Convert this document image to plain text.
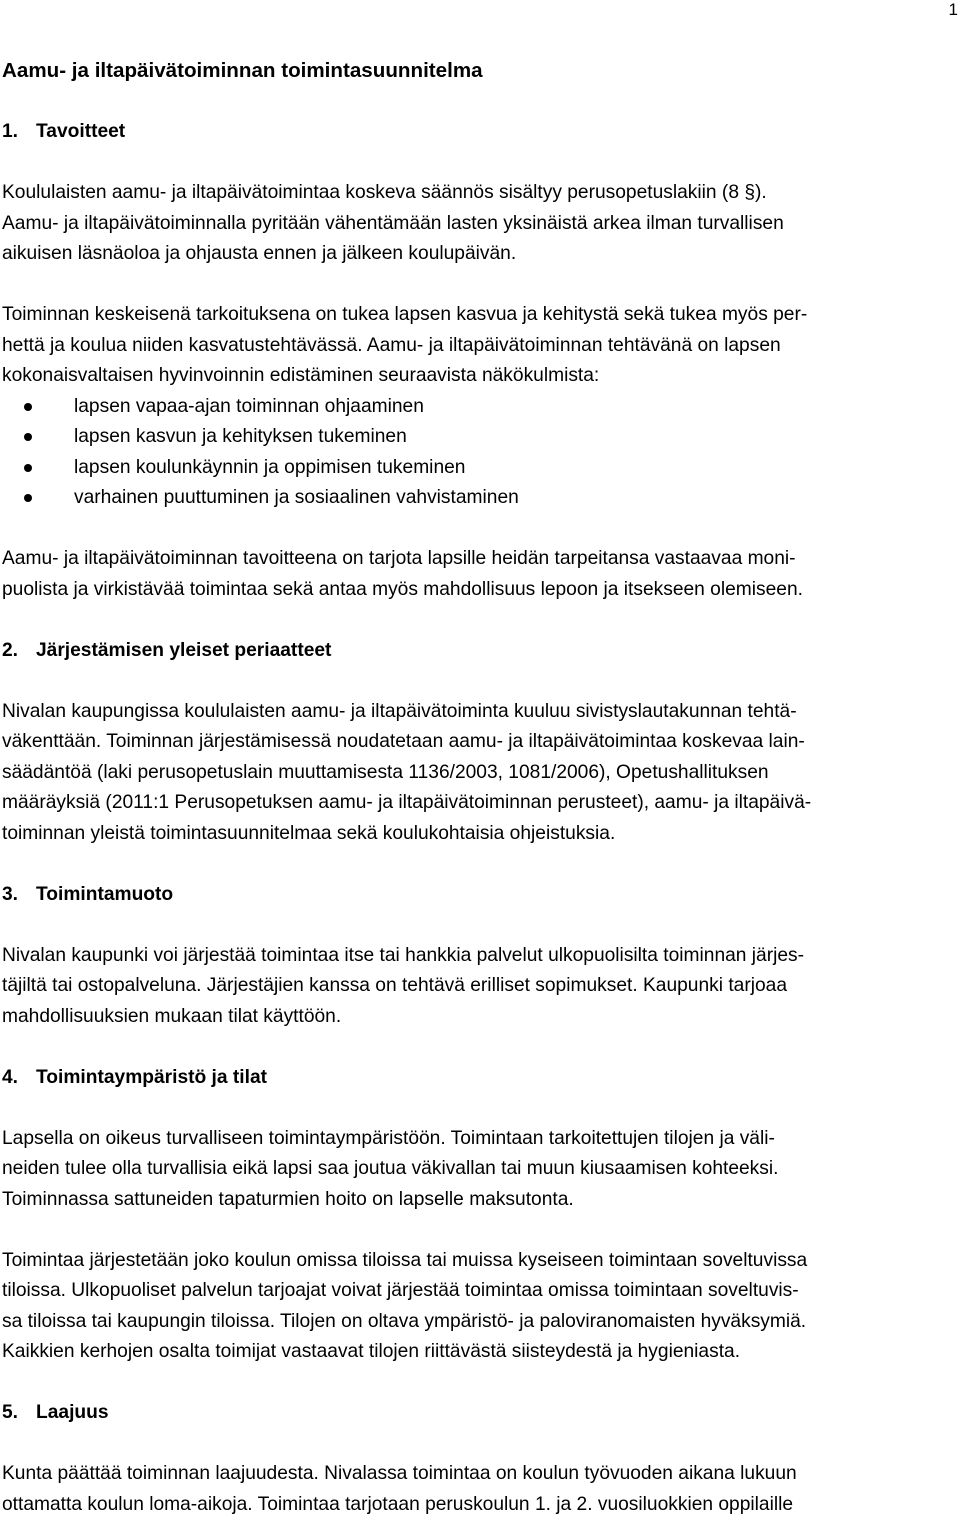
1
Aamu- ja iltapäivätoiminnan toimintasuunnitelma
1. Tavoitteet
Koululaisten aamu- ja iltapäivätoimintaa koskeva säännös sisältyy perusopetuslakiin (8 §).
Aamu- ja iltapäivätoiminnalla pyritään vähentämään lasten yksinäistä arkea ilman turvallisen
aikuisen läsnäoloa ja ohjausta ennen ja jälkeen koulupäivän.
Toiminnan keskeisenä tarkoituksena on tukea lapsen kasvua ja kehitystä sekä tukea myös per-
hettä ja koulua niiden kasvatustehtävässä. Aamu- ja iltapäivätoiminnan tehtävänä on lapsen
kokonaisvaltaisen hyvinvoinnin edistäminen seuraavista näkökulmista:
lapsen vapaa-ajan toiminnan ohjaaminen
lapsen kasvun ja kehityksen tukeminen
lapsen koulunkäynnin ja oppimisen tukeminen
varhainen puuttuminen ja sosiaalinen vahvistaminen
Aamu- ja iltapäivätoiminnan tavoitteena on tarjota lapsille heidän tarpeitansa vastaavaa moni-
puolista ja virkistävää toimintaa sekä antaa myös mahdollisuus lepoon ja itsekseen olemiseen.
2. Järjestämisen yleiset periaatteet
Nivalan kaupungissa koululaisten aamu- ja iltapäivätoiminta kuuluu sivistyslautakunnan tehtä-
väkenttään. Toiminnan järjestämisessä noudatetaan aamu- ja iltapäivätoimintaa koskevaa lain-
säädäntöä (laki perusopetuslain muuttamisesta 1136/2003, 1081/2006), Opetushallituksen
määräyksiä (2011:1 Perusopetuksen aamu- ja iltapäivätoiminnan perusteet), aamu- ja iltapäivä-
toiminnan yleistä toimintasuunnitelmaa sekä koulukohtaisia ohjeistuksia.
3. Toimintamuoto
Nivalan kaupunki voi järjestää toimintaa itse tai hankkia palvelut ulkopuolisilta toiminnan järjes-
täjiltä tai ostopalveluna. Järjestäjien kanssa on tehtävä erilliset sopimukset. Kaupunki tarjoaa
mahdollisuuksien mukaan tilat käyttöön.
4. Toimintaympäristö ja tilat
Lapsella on oikeus turvalliseen toimintaympäristöön. Toimintaan tarkoitettujen tilojen ja väli-
neiden tulee olla turvallisia eikä lapsi saa joutua väkivallan tai muun kiusaamisen kohteeksi.
Toiminnassa sattuneiden tapaturmien hoito on lapselle maksutonta.
Toimintaa järjestetään joko koulun omissa tiloissa tai muissa kyseiseen toimintaan soveltuvissa
tiloissa. Ulkopuoliset palvelun tarjoajat voivat järjestää toimintaa omissa toimintaan soveltuvis-
sa tiloissa tai kaupungin tiloissa. Tilojen on oltava ympäristö- ja paloviranomaisten hyväksymiä.
Kaikkien kerhojen osalta toimijat vastaavat tilojen riittävästä siisteydestä ja hygieniasta.
5. Laajuus
Kunta päättää toiminnan laajuudesta. Nivalassa toimintaa on koulun työvuoden aikana lukuun
ottamatta koulun loma-aikoja. Toimintaa tarjotaan peruskoulun 1. ja 2. vuosiluokkien oppilaille
